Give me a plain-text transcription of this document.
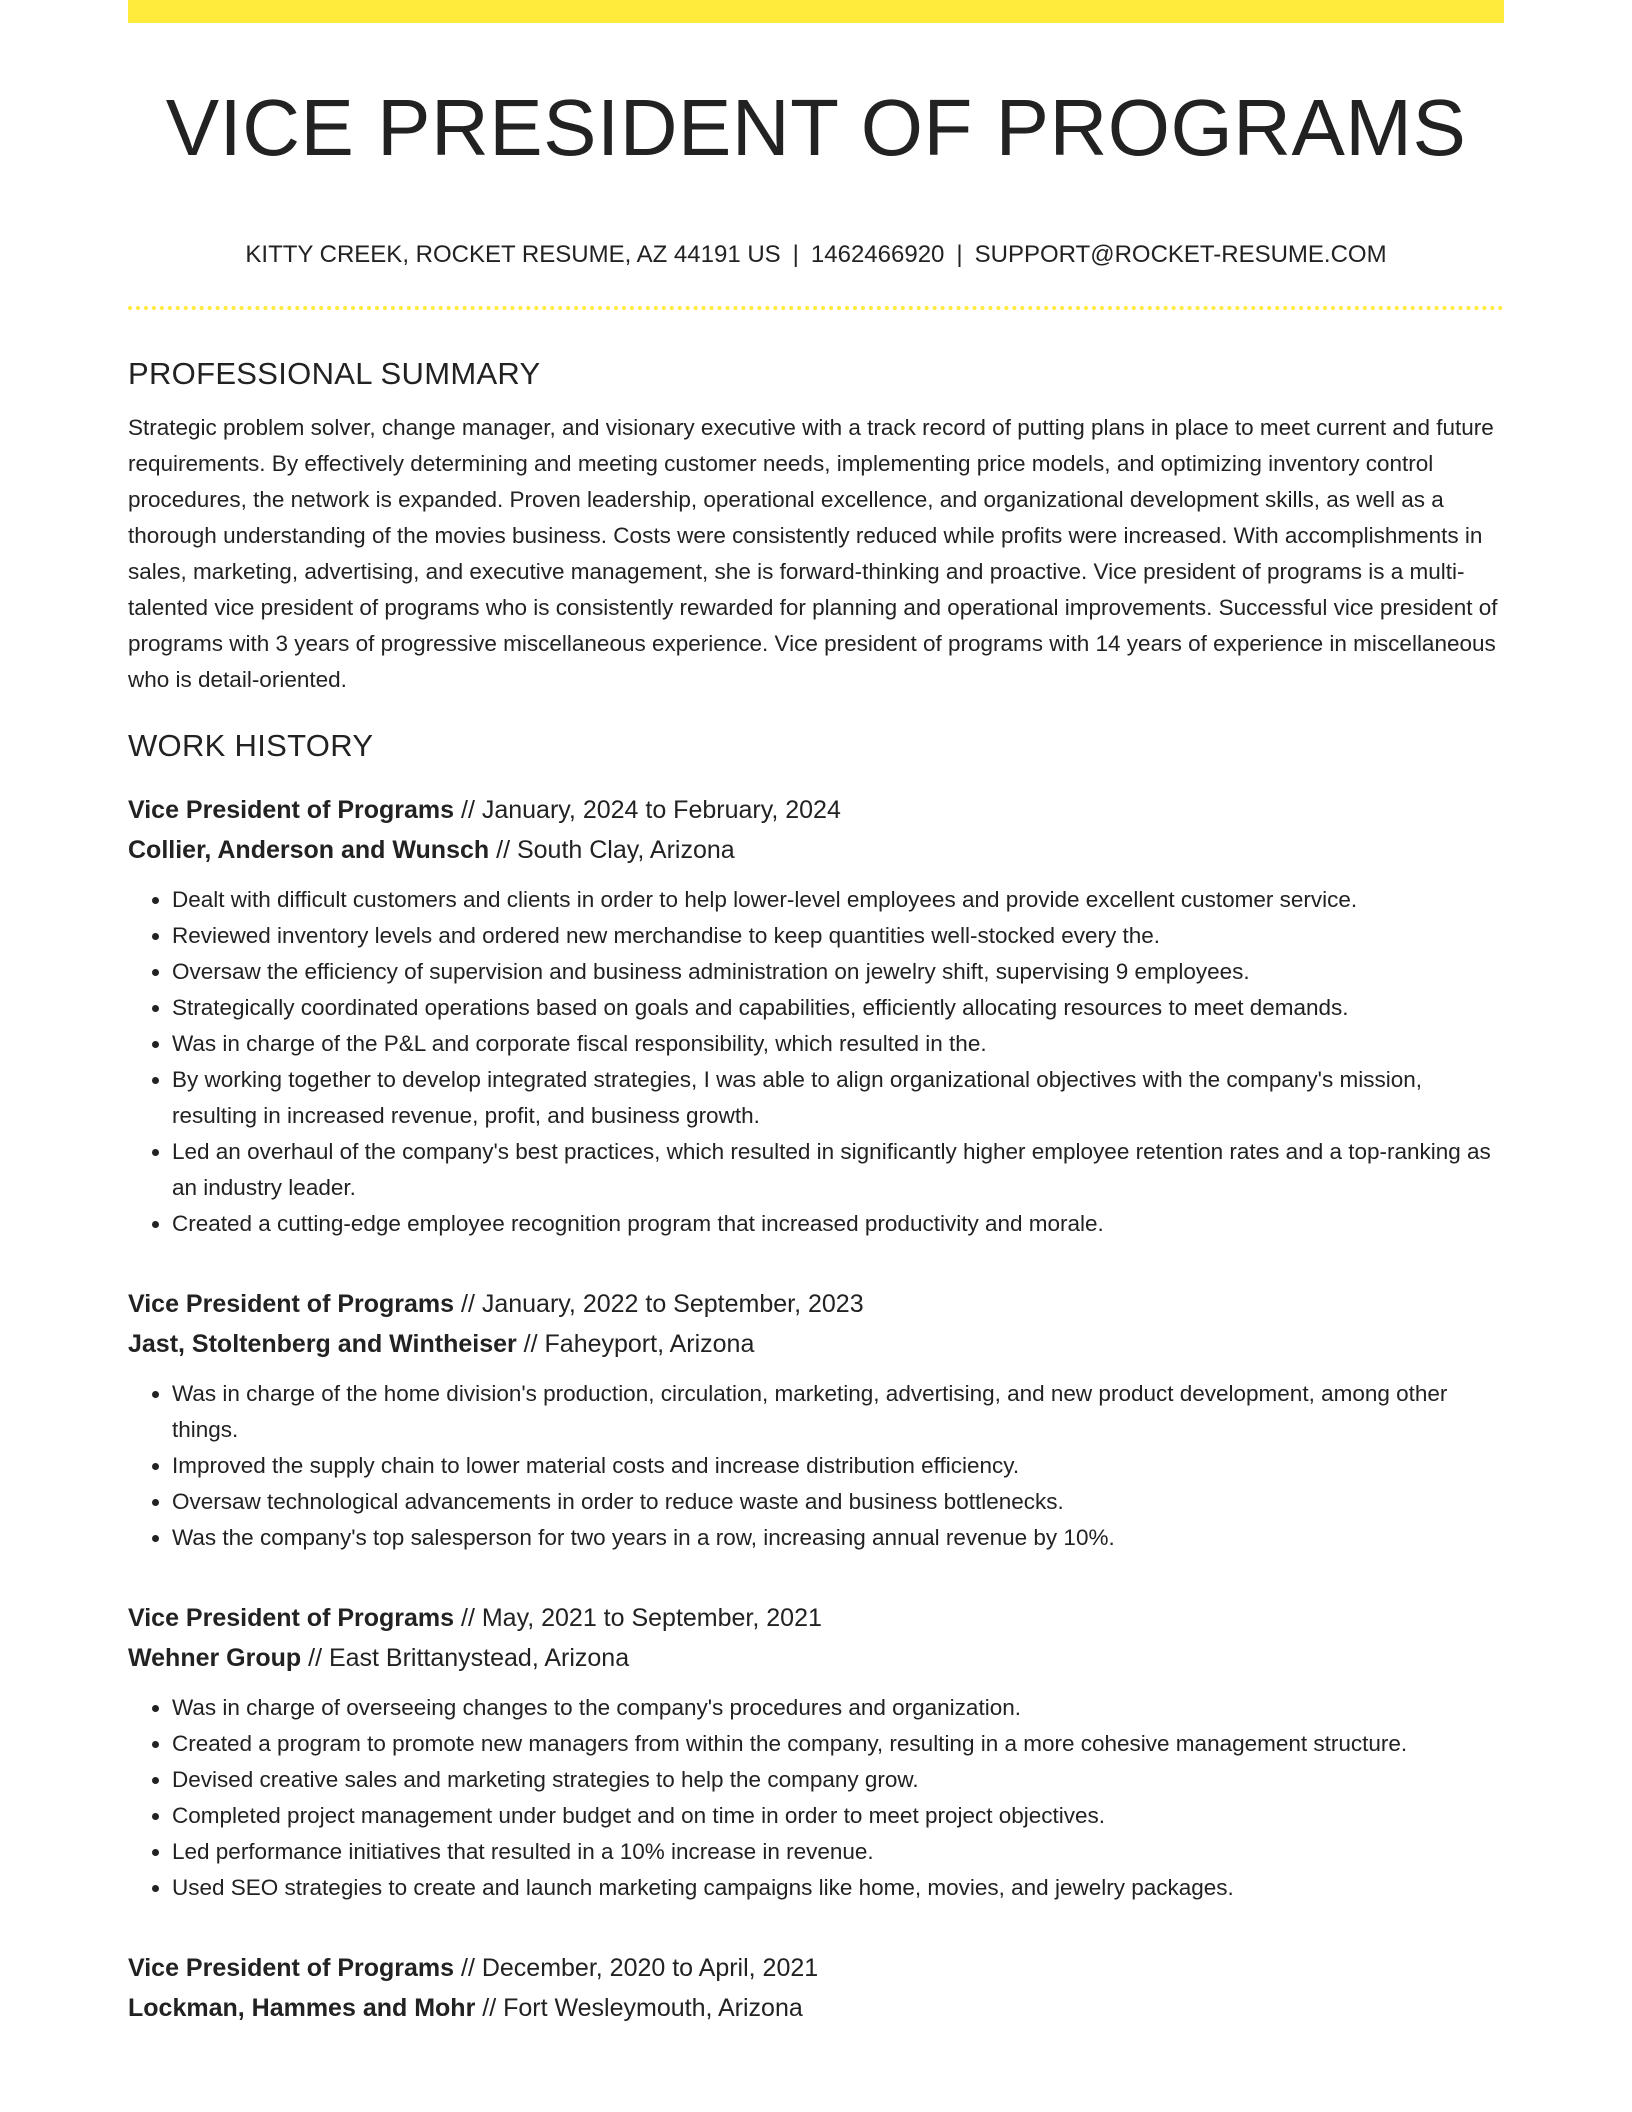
VICE PRESIDENT OF PROGRAMS
KITTY CREEK, ROCKET RESUME, AZ 44191 US | 1462466920 | SUPPORT@ROCKET-RESUME.COM
PROFESSIONAL SUMMARY

Strategic problem solver, change manager, and visionary executive with a track record of putting plans in place to meet current and future requirements. By effectively determining and meeting customer needs, implementing price models, and optimizing inventory control procedures, the network is expanded. Proven leadership, operational excellence, and organizational development skills, as well as a thorough understanding of the movies business. Costs were consistently reduced while profits were increased. With accomplishments in sales, marketing, advertising, and executive management, she is forward-thinking and proactive. Vice president of programs is a multi-talented vice president of programs who is consistently rewarded for planning and operational improvements. Successful vice president of programs with 3 years of progressive miscellaneous experience. Vice president of programs with 14 years of experience in miscellaneous who is detail-oriented.

WORK HISTORY
Vice President of Programs // January, 2024 to February, 2024
Collier, Anderson and Wunsch // South Clay, Arizona
• Dealt with difficult customers and clients in order to help lower-level employees and provide excellent customer service.
• Reviewed inventory levels and ordered new merchandise to keep quantities well-stocked every the.
• Oversaw the efficiency of supervision and business administration on jewelry shift, supervising 9 employees.
• Strategically coordinated operations based on goals and capabilities, efficiently allocating resources to meet demands.
• Was in charge of the P&L and corporate fiscal responsibility, which resulted in the.
• By working together to develop integrated strategies, I was able to align organizational objectives with the company's mission, resulting in increased revenue, profit, and business growth.
• Led an overhaul of the company's best practices, which resulted in significantly higher employee retention rates and a top-ranking as an industry leader.
• Created a cutting-edge employee recognition program that increased productivity and morale.
Vice President of Programs // January, 2022 to September, 2023
Jast, Stoltenberg and Wintheiser // Faheyport, Arizona
• Was in charge of the home division's production, circulation, marketing, advertising, and new product development, among other things.
• Improved the supply chain to lower material costs and increase distribution efficiency.
• Oversaw technological advancements in order to reduce waste and business bottlenecks.
• Was the company's top salesperson for two years in a row, increasing annual revenue by 10%.
Vice President of Programs // May, 2021 to September, 2021
Wehner Group // East Brittanystead, Arizona
• Was in charge of overseeing changes to the company's procedures and organization.
• Created a program to promote new managers from within the company, resulting in a more cohesive management structure.
• Devised creative sales and marketing strategies to help the company grow.
• Completed project management under budget and on time in order to meet project objectives.
• Led performance initiatives that resulted in a 10% increase in revenue.
• Used SEO strategies to create and launch marketing campaigns like home, movies, and jewelry packages.
Vice President of Programs // December, 2020 to April, 2021
Lockman, Hammes and Mohr // Fort Wesleymouth, Arizona
